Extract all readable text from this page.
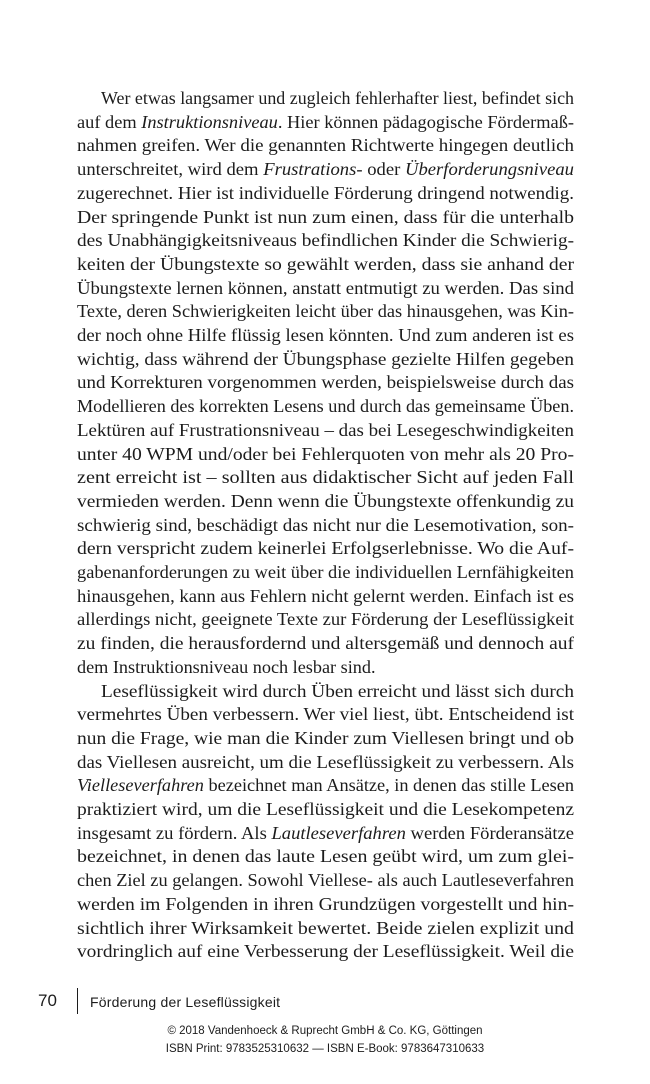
Wer etwas langsamer und zugleich fehlerhafter liest, befindet sich
auf dem Instruktionsniveau. Hier können pädagogische Fördermaß-
nahmen greifen. Wer die genannten Richtwerte hingegen deutlich
unterschreitet, wird dem Frustrations- oder Überforderungsniveau
zugerechnet. Hier ist individuelle Förderung dringend notwendig.
Der springende Punkt ist nun zum einen, dass für die unterhalb
des Unabhängigkeitsniveaus befindlichen Kinder die Schwierig-
keiten der Übungstexte so gewählt werden, dass sie anhand der
Übungstexte lernen können, anstatt entmutigt zu werden. Das sind
Texte, deren Schwierigkeiten leicht über das hinausgehen, was Kin-
der noch ohne Hilfe flüssig lesen könnten. Und zum anderen ist es
wichtig, dass während der Übungsphase gezielte Hilfen gegeben
und Korrekturen vorgenommen werden, beispielsweise durch das
Modellieren des korrekten Lesens und durch das gemeinsame Üben.
Lektüren auf Frustrationsniveau – das bei Lesegeschwindigkeiten
unter 40 WPM und/oder bei Fehlerquoten von mehr als 20 Pro-
zent erreicht ist – sollten aus didaktischer Sicht auf jeden Fall
vermieden werden. Denn wenn die Übungstexte offenkundig zu
schwierig sind, beschädigt das nicht nur die Lesemotivation, son-
dern verspricht zudem keinerlei Erfolgserlebnisse. Wo die Auf-
gabenanforderungen zu weit über die individuellen Lernfähigkeiten
hinausgehen, kann aus Fehlern nicht gelernt werden. Einfach ist es
allerdings nicht, geeignete Texte zur Förderung der Leseflüssigkeit
zu finden, die herausfordernd und altersgemäß und dennoch auf
dem Instruktionsniveau noch lesbar sind.
Leseflüssigkeit wird durch Üben erreicht und lässt sich durch
vermehrtes Üben verbessern. Wer viel liest, übt. Entscheidend ist
nun die Frage, wie man die Kinder zum Viellesen bringt und ob
das Viellesen ausreicht, um die Leseflüssigkeit zu verbessern. Als
Vielleseverfahren bezeichnet man Ansätze, in denen das stille Lesen
praktiziert wird, um die Leseflüssigkeit und die Lesekompetenz
insgesamt zu fördern. Als Lautleseverfahren werden Förderansätze
bezeichnet, in denen das laute Lesen geübt wird, um zum glei-
chen Ziel zu gelangen. Sowohl Viellese- als auch Lautleseverfahren
werden im Folgenden in ihren Grundzügen vorgestellt und hin-
sichtlich ihrer Wirksamkeit bewertet. Beide zielen explizit und
vordringlich auf eine Verbesserung der Leseflüssigkeit. Weil die
70 Förderung der Leseflüssigkeit
© 2018 Vandenhoeck & Ruprecht GmbH & Co. KG, Göttingen
ISBN Print: 9783525310632 — ISBN E-Book: 9783647310633
